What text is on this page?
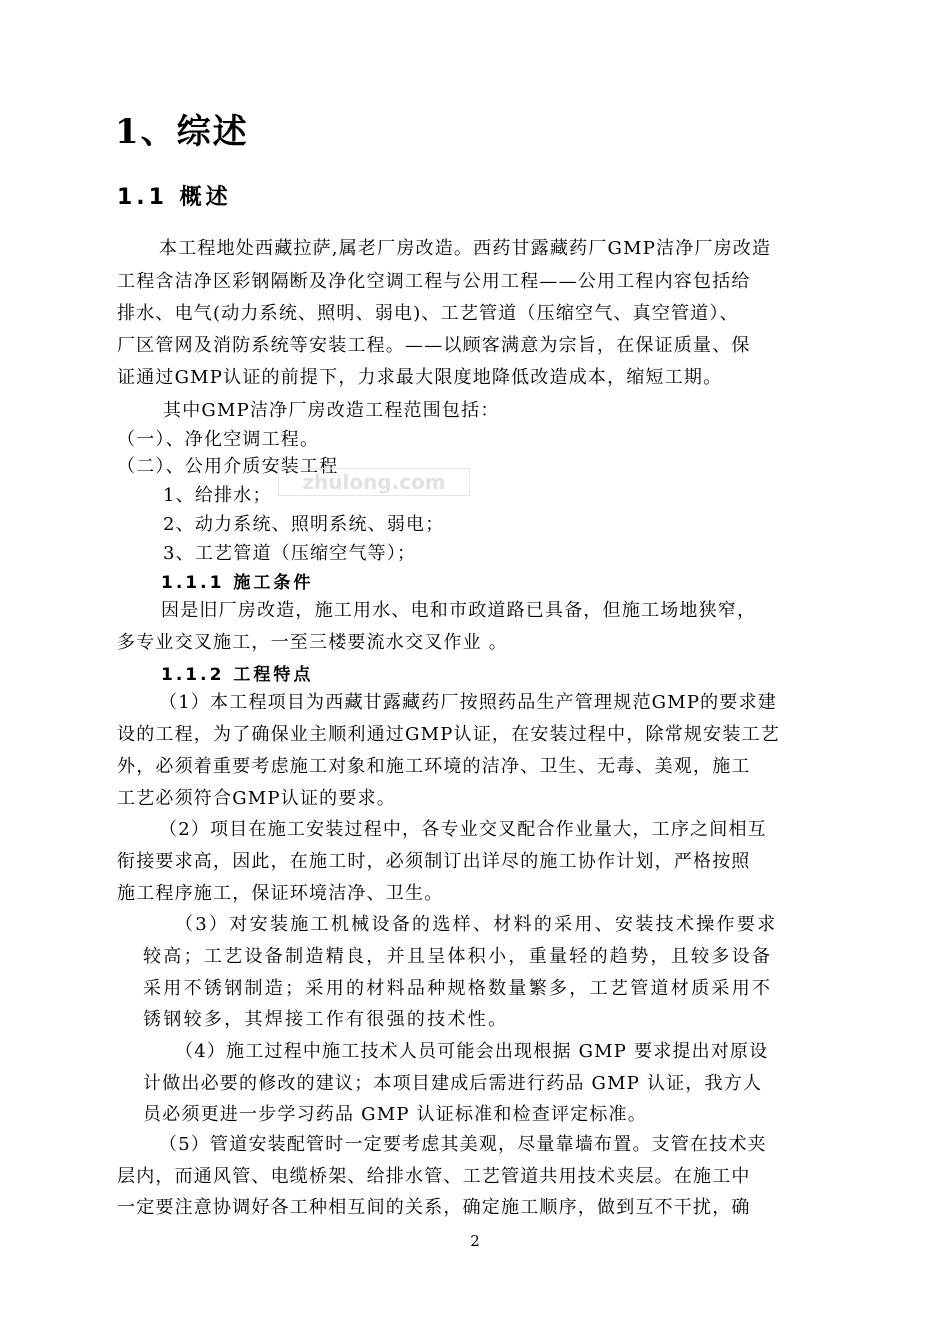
1、综述
1.1 概述

本工程地处西藏拉萨,属老厂房改造。西药甘露藏药厂GMP洁净厂房改造

工程含洁净区彩钢隔断及净化空调工程与公用工程——公用工程内容包括给

排水、电气(动力系统、照明、弱电)、工艺管道（压缩空气、真空管道）、

厂区管网及消防系统等安装工程。——以顾客满意为宗旨，在保证质量、保

证通过GMP认证的前提下，力求最大限度地降低改造成本，缩短工期。

其中GMP洁净厂房改造工程范围包括：

（一）、净化空调工程。

（二）、公用介质安装工程

zhulong.com

1、给排水；

2、动力系统、照明系统、弱电；

3、工艺管道（压缩空气等）；

1.1.1 施工条件

因是旧厂房改造，施工用水、电和市政道路已具备，但施工场地狭窄，

多专业交叉施工，一至三楼要流水交叉作业 。

1.1.2 工程特点

（1）本工程项目为西藏甘露藏药厂按照药品生产管理规范GMP的要求建

设的工程，为了确保业主顺利通过GMP认证，在安装过程中，除常规安装工艺

外，必须着重要考虑施工对象和施工环境的洁净、卫生、无毒、美观，施工

工艺必须符合GMP认证的要求。

（2）项目在施工安装过程中，各专业交叉配合作业量大，工序之间相互

衔接要求高，因此，在施工时，必须制订出详尽的施工协作计划，严格按照

施工程序施工，保证环境洁净、卫生。

（3）对安装施工机械设备的选样、材料的采用、安装技术操作要求

较高；工艺设备制造精良，并且呈体积小，重量轻的趋势，且较多设备

采用不锈钢制造；采用的材料品种规格数量繁多，工艺管道材质采用不

锈钢较多，其焊接工作有很强的技术性。

（4）施工过程中施工技术人员可能会出现根据 GMP 要求提出对原设

计做出必要的修改的建议；本项目建成后需进行药品 GMP 认证，我方人

员必须更进一步学习药品 GMP 认证标准和检查评定标准。

（5）管道安装配管时一定要考虑其美观，尽量靠墙布置。支管在技术夹

层内，而通风管、电缆桥架、给排水管、工艺管道共用技术夹层。在施工中

一定要注意协调好各工种相互间的关系，确定施工顺序，做到互不干扰，确

2
